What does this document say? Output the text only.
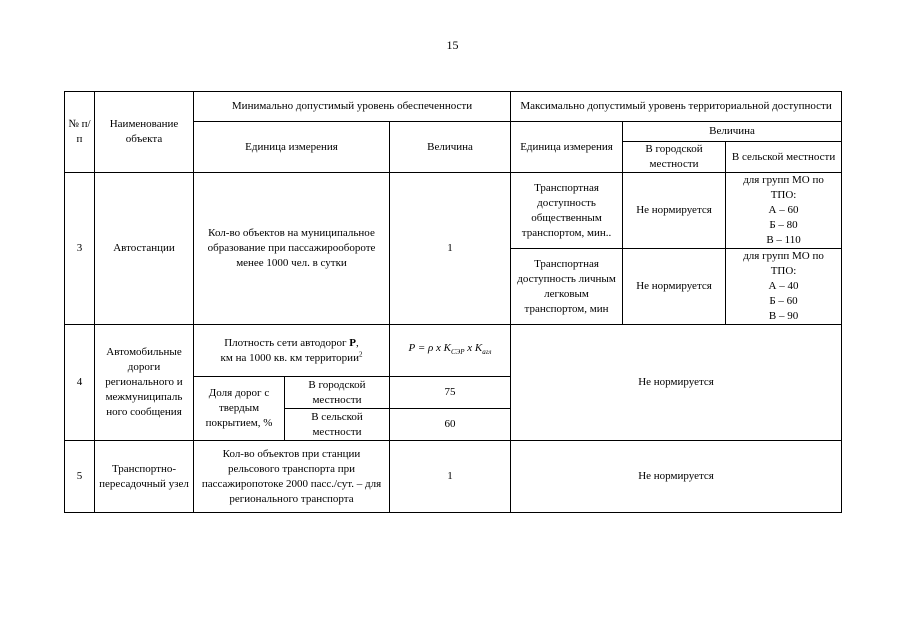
15
№ п/п	Наименование объекта	Минимально допустимый уровень обеспеченности			Максимально допустимый уровень территориальной доступности		
		Единица измерения		Величина	Единица измерения	Величина	
						В городской местности	В сельской местности
3	Автостанции	Кол-во объектов на муниципальное образование при пассажирообороте менее 1000 чел. в сутки		1	Транспортная доступность общественным транспортом, мин..	Не нормируется	для групп МО по ТПО:
А – 60
Б – 80
В – 110

					Транспортная доступность личным легковым транспортом, мин	Не нормируется	для групп МО по ТПО:
А – 40
Б – 60
В – 90

4	Автомобильные дороги регионального и межмуниципаль ного сообщения	Плотность сети автодорог P,
км на 1000 кв. км территории$^2$		P = ρ x $K_{СЭР}$ x $K_{агл}$	Не нормируется		
		Доля дорог с твердым покрытием, %	В городской местности	75			
			В сельской местности	60			
5	Транспортно-пересадочный узел	Кол-во объектов при станции рельсового транспорта при пассажиропотоке 2000 пасс./сут. – для регионального транспорта		1	Не нормируется		
